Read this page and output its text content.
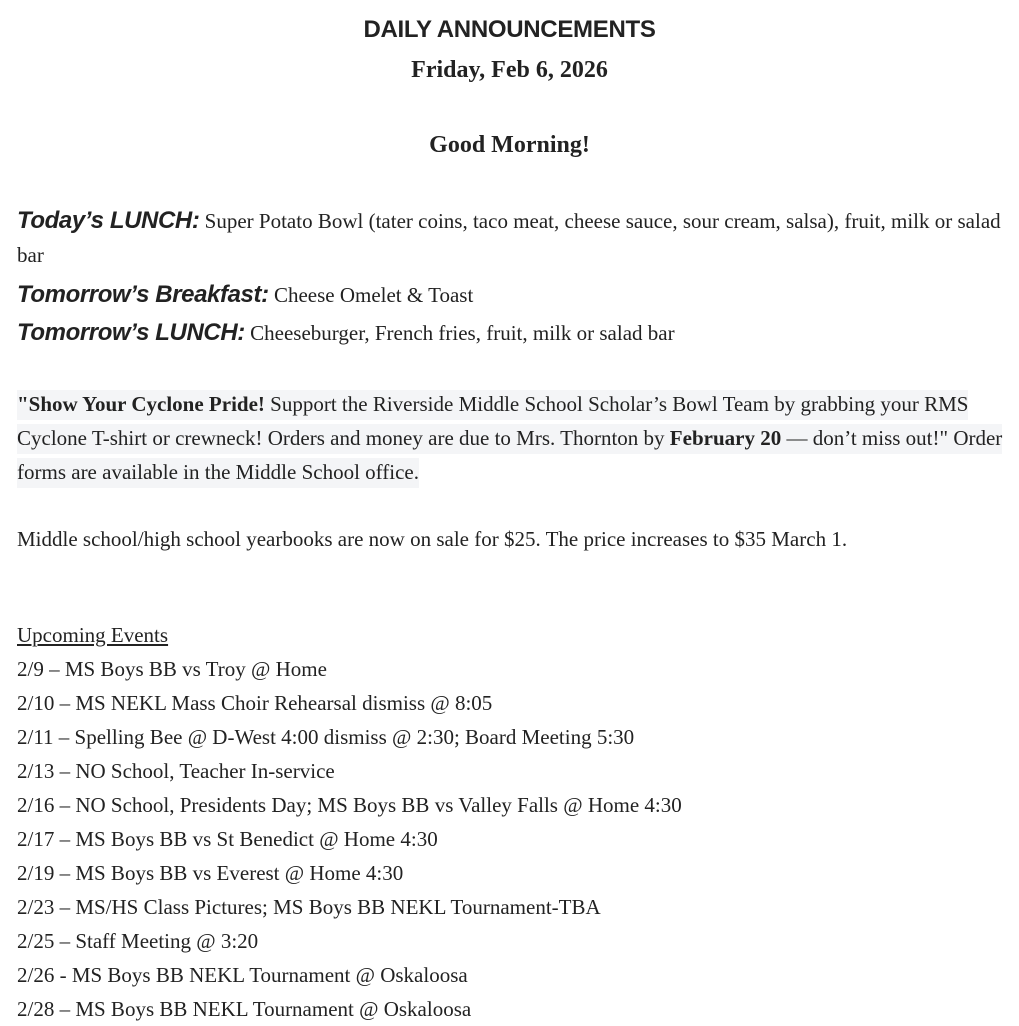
DAILY ANNOUNCEMENTS
Friday, Feb 6, 2026
Good Morning!
Today’s LUNCH: Super Potato Bowl (tater coins, taco meat, cheese sauce, sour cream, salsa), fruit, milk or salad bar
Tomorrow’s Breakfast: Cheese Omelet & Toast
Tomorrow’s LUNCH: Cheeseburger, French fries, fruit, milk or salad bar
"Show Your Cyclone Pride! Support the Riverside Middle School Scholar’s Bowl Team by grabbing your RMS Cyclone T-shirt or crewneck! Orders and money are due to Mrs. Thornton by February 20 — don’t miss out!" Order forms are available in the Middle School office.
Middle school/high school yearbooks are now on sale for $25. The price increases to $35 March 1.
Upcoming Events
2/9 – MS Boys BB vs Troy @ Home
2/10 – MS NEKL Mass Choir Rehearsal dismiss @ 8:05
2/11 – Spelling Bee @ D-West 4:00 dismiss @ 2:30; Board Meeting 5:30
2/13 – NO School, Teacher In-service
2/16 – NO School, Presidents Day; MS Boys BB vs Valley Falls @ Home 4:30
2/17 – MS Boys BB vs St Benedict @ Home 4:30
2/19 – MS Boys BB vs Everest @ Home 4:30
2/23 – MS/HS Class Pictures; MS Boys BB NEKL Tournament-TBA
2/25 – Staff Meeting @ 3:20
2/26 - MS Boys BB NEKL Tournament @ Oskaloosa
2/28 – MS Boys BB NEKL Tournament @ Oskaloosa
